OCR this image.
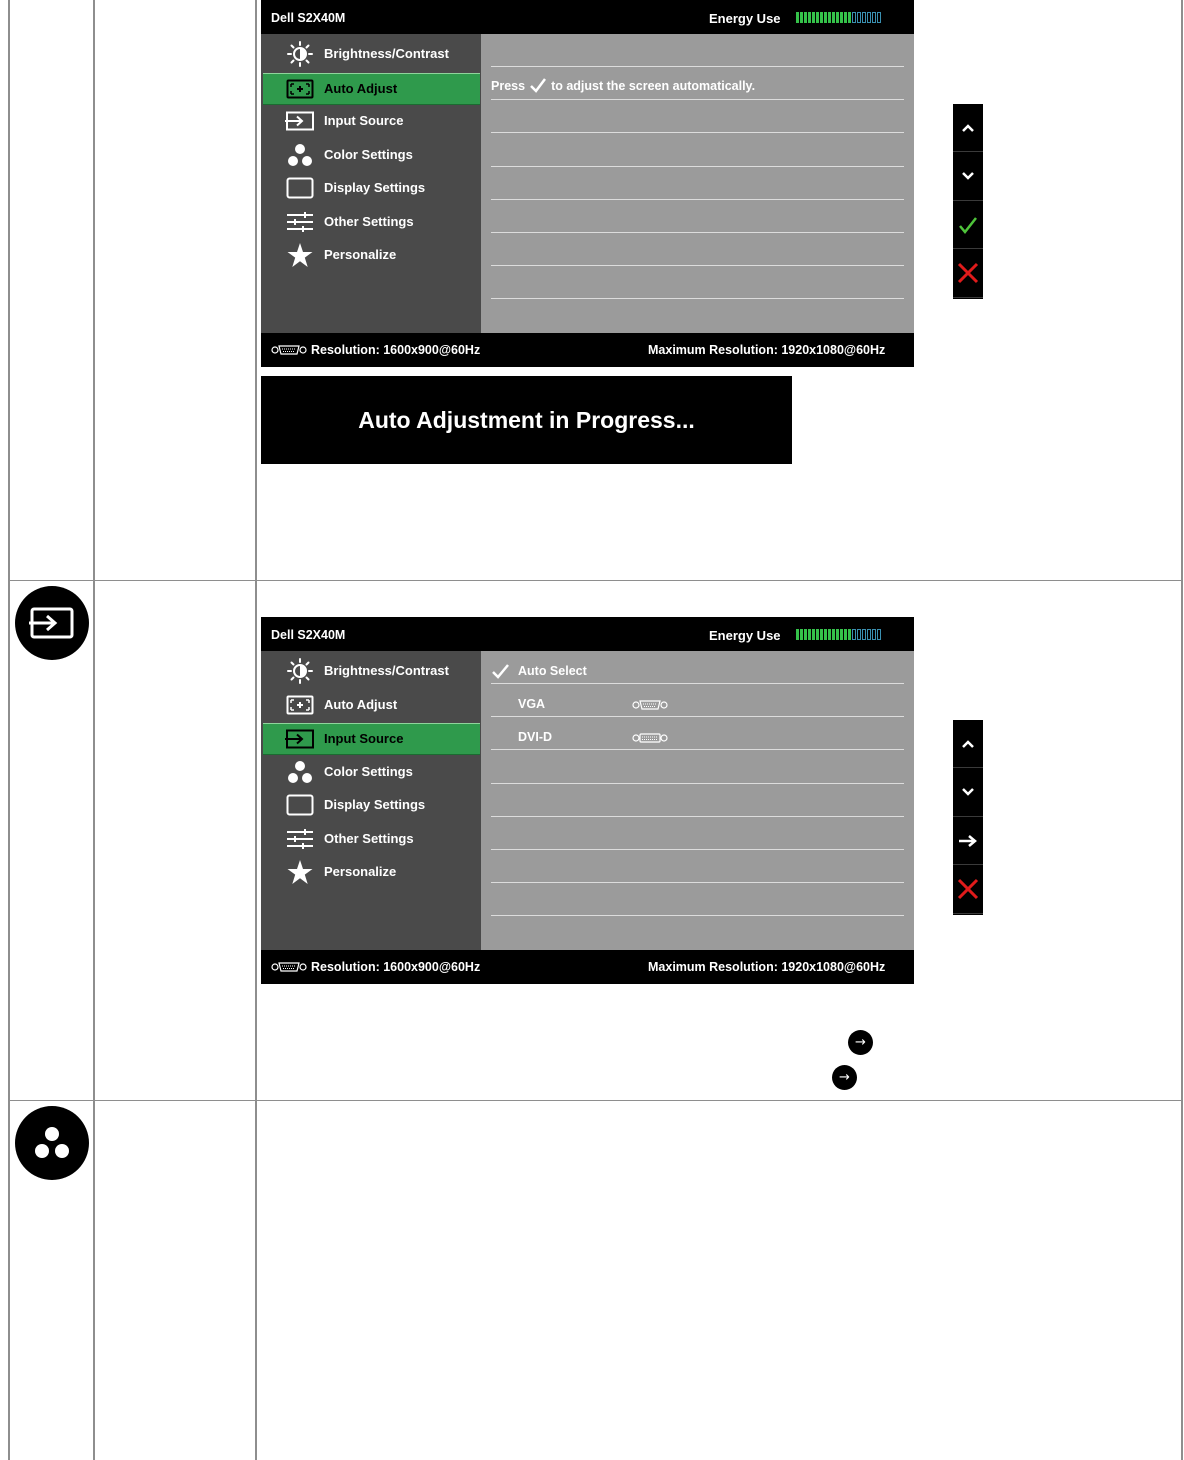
Dell S2X40M	Energy Use
Brightness/Contrast
Auto Adjust
Input Source
Color Settings
Display Settings
Other Settings
Personalize
Resolution: 1600x900@60Hz	Maximum Resolution: 1920x1080@60Hz
Press to adjust the screen automatically.
Auto Adjustment in Progress...
Dell S2X40M	Energy Use
Brightness/Contrast
Auto Adjust
Input Source
Color Settings
Display Settings
Other Settings
Personalize
Resolution: 1600x900@60Hz	Maximum Resolution: 1920x1080@60Hz
Auto Select
VGA
DVI-D
→
→
